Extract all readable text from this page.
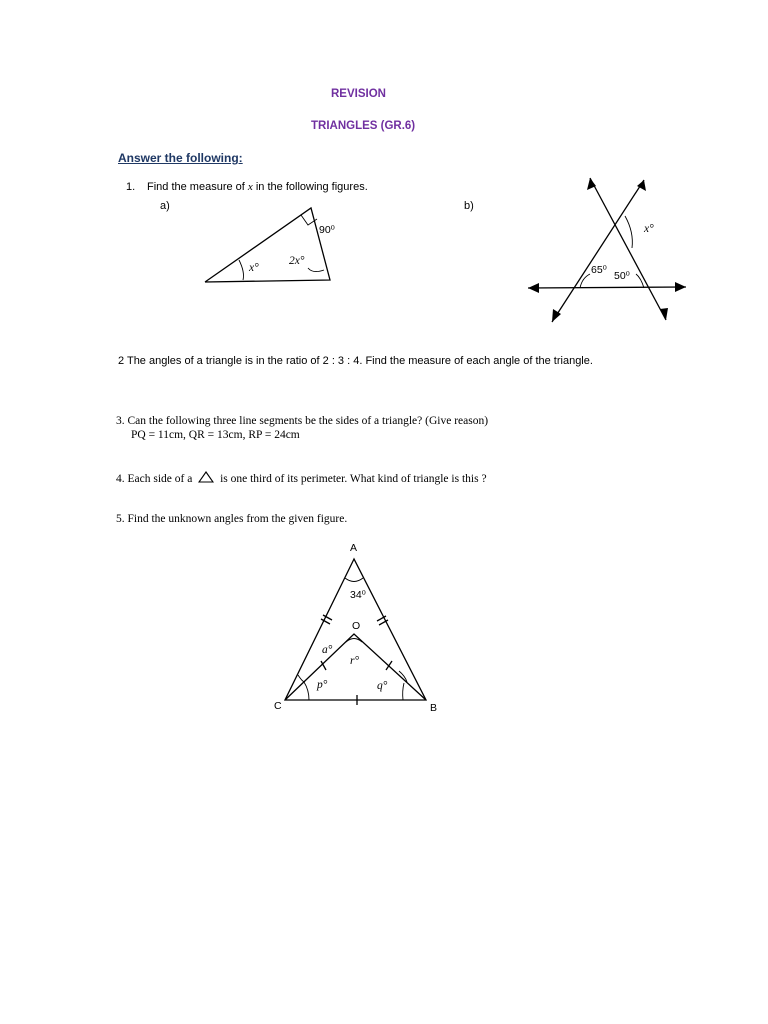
REVISION
TRIANGLES (GR.6)
Answer the following:
1. Find the measure of x in the following figures.
a)	b)
90⁰
x°
2x°
x°
65⁰ 50⁰
2 The angles of a triangle is in the ratio of 2 : 3 : 4. Find the measure of each angle of the triangle.
3. Can the following three line segments be the sides of a triangle? (Give reason)
PQ = 11cm, QR = 13cm, RP = 24cm
4. Each side of a is one third of its perimeter. What kind of triangle is this ?
5. Find the unknown angles from the given figure.
A
C	B
O
34⁰
a°
r°
p°	q°
